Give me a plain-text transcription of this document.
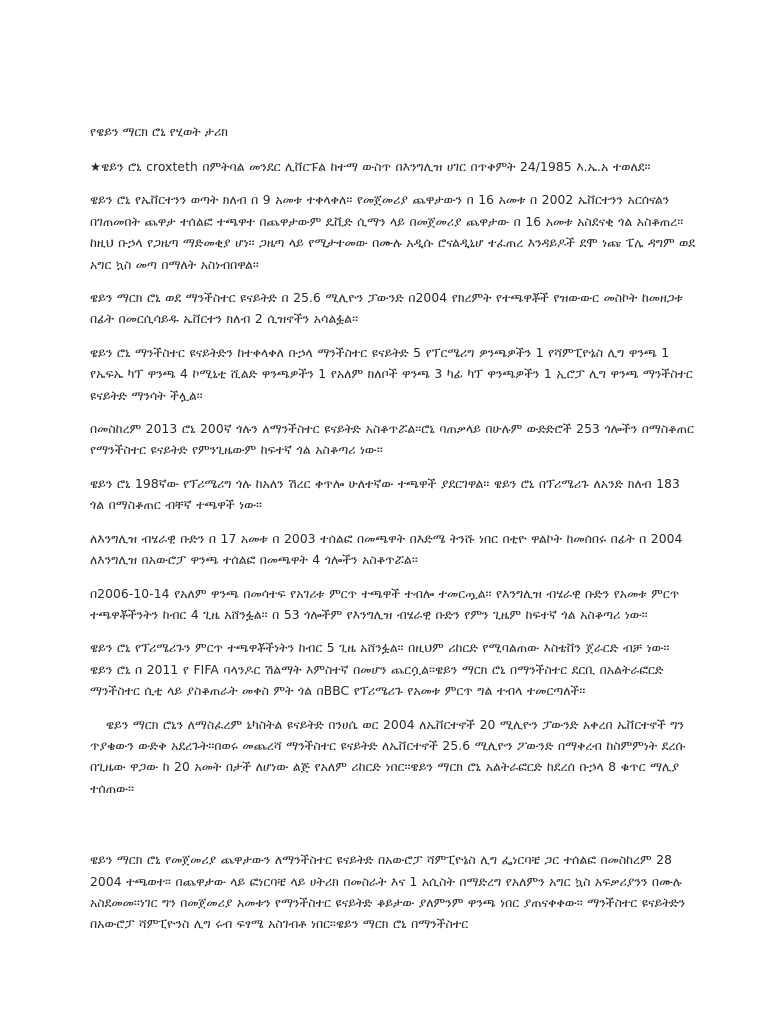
የዌይን ማርክ ሮኒ የሂወት ታሪክ

★ዌይን ሮኒ croxteth በምትባል መንደር ሊቨርፑል ከተማ ውስጥ በእንግሊዝ ሀገር በጥቅምት 24/1985 እ.ኤ.አ ተወለደ፡፡

ዌይን ሮኒ የኤቨርተንን ወጣት ክለብ በ 9 አመቱ ተቀላቀለ፡፡ የመጀመሪያ ጨዋታውን በ 16 አመቱ በ 2002 ኤቨርተንን አርሰናልን በገጠመበት ጨዋታ ተሰልፎ ተጫዋተ በጨዋታውም ዴቪድ ሲማን ላይ በመጀመሪያ ጨዋታው በ 16 አመቱ አስደናቂ ጎል አስቆጠረ፡፡ ከዚህ ቡኃላ የጋዜጣ ማድመቂያ ሆነ፡፡ ጋዜጣ ላይ የሚታተመው በሙሉ አዲሱ ሮናልዲኒሆ ተፈጠረ እንዳይዶች ደሞ ነጩ ፔሌ ዳግም ወደ አግር ኳስ መጣ በማለት አስነብበዋል፡፡

ዌይን ማርክ ሮኒ ወደ ማንችስተር ዩናይትድ በ 25.6 ሚሊዮን ፓውንድ በ2004 የክረምት የተጫዋቾች የዝውውር መስኮት ከመዘጋቱ በፊት በመርሲሳይዱ ኤቨርተን ክለብ 2 ሲዝኖችን አሳልፏል፡፡

ዌይን ሮኒ ማንችስተር ዩናይትድን ከተቀላቀለ ቡኃላ ማንችስተር ዩናይትድ 5 የፕርሜሪግ ዎንጫዎችን 1 የሻምፒዮኔስ ሊግ ዋንጫ 1 የኤፍኤ ካፕ ዋንጫ 4 ኮሚኒቲ ሺልድ ዋንጫዎችን 1 የአለም ክለቦች ዋንጫ 3 ካፊ ካፕ ዋንጫዎችን 1 ኢሮፓ ሊግ ዋንጫ ማንችስተር ዩናይትድ ማንሳት ችሏል፡፡

በመስከረም 2013 ሮኒ 200ኛ ጎሉን ለማንችስተር ዩናይትድ አስቆጥሯል፡፡ሮኒ ባጠቃላይ በሁሉም ውድድሮች 253 ጎሎችን በማስቆጠር የማንችስተር ዩናይትድ የምንጊዜውም ከፍተኛ ጎል አስቆጣሪ ነው፡፡

ዌይን ሮኒ 198ኛው የፕሪሜሪግ ጎሉ ከአለን ሽረር ቀጥሎ ሁለተኛው ተጫዋች ያደርገዋል፡፡ ዌይን ሮኒ በፕሪሜሪጉ ለአንድ ክለብ 183 ጎል በማስቆጠር ብቸኛ ተጫዋች ነው፡፡

ለእንግሊዝ ብሄራዊ ቡድን በ 17 አመቱ በ 2003 ተሰልፎ በመጫዋት በእድሜ ትንሹ ነበር በቲዮ ዋልኮት ከመሰበሩ በፊት በ 2004 ለእንግሊዝ በአውሮፓ ዋንጫ ተሰልፎ በመጫዋት 4 ጎሎችን አስቆጥሯል፡፡

በ2006-10-14 የአለም ዋንጫ በመሳተፍ የአገሪቱ ምርጥ ተጫዋች ተብሎ ተመርጧል፡፡ የእንግሊዝ ብሄራዊ ቡድን የአመቱ ምርጥ ተጫዋቾችንትን ከብር 4 ጊዜ አሸንፏል፡፡ በ 53 ጎሎችም የእንግሊዝ ብሄራዊ ቡድን የምን ጊዜም ከፍተኛ ጎል አስቆጣሪ ነው፡፡

ዌይን ሮኒ የፕሪሜሪጉን ምርጥ ተጫዋቾችነትን ከብር 5 ጊዜ አሸንፏል፡፡ በዚህም ሪከርድ የሚባልጠው እስቴቨን ጀራርድ ብቻ ነው፡፡ ዌይን ሮኒ በ 2011 የ FIFA ባላንዶር ሽልማት እምስተኛ በመሆን ጨርሷል፡፡ዌይን ማርክ ሮኒ በማንችስተር ደርቢ በአልትራፎርድ ማንችስተር ሲቲ ላይ ያስቆጠራት መቀስ ምት ጎል በBBC የፕሪሜሪጉ የአመቱ ምርጥ ግል ተብላ ተመርጣለች፡፡

ዌይን ማርክ ሮኒን ለማስፈረም ኒካስትል ዩናይትድ በንሀሴ ወር 2004 ለኤቨርተኖች 20 ሚሊዮን ፓውንድ አቀረበ ኤቨርተኖች ግን ጥያቄውን ውድቅ አደረጉት፡፡በወሩ መጨረሻ ማንችስተር ዩናይትድ ለኤቨርተኖች 25.6 ሚሊዮን ፖውንድ በማቅረብ ከስምምነት ደረሱ በጊዜው ዋጋው ከ 20 አመት በታች ለሆነው ልጅ የአለም ሪከርድ ነበር፡፡ዌይን ማርክ ሮኒ አልትራፎርድ ከደረሰ ቡኃላ 8 ቁጥር ማሊያ ተሰጠው፡፡

ዌይን ማርክ ሮኒ የመጀመሪያ ጨዋታውን ለማንችስተር ዩናይትድ በአውሮፓ ሻምፒዮኔስ ሊግ ፌነርባቼ ጋር ተሰልፎ በመስከረም 28 2004 ተጫወተ፡፡ በጨዋታው ላይ ፎነርባቼ ላይ ሀትሪክ በመስራት እና 1 አሲስት በማድረግ የአለምን አግር ኳስ አፍቃሪያንን በሙሉ አስደመመ፡፡ነገር ግን በመጀመሪያ አመቱን የማንችስተር ዩናይትድ ቆይታው ያለምንም ዋንጫ ነበር ያጠናቀቀው፡፡ ማንችስተር ዩናይትድን በአውሮፓ ሻምፒዮንስ ሊግ ሩብ ፍፃሜ አስገብቶ ነበር፡፡ዌይን ማርክ ሮኒ በማንችስተር
